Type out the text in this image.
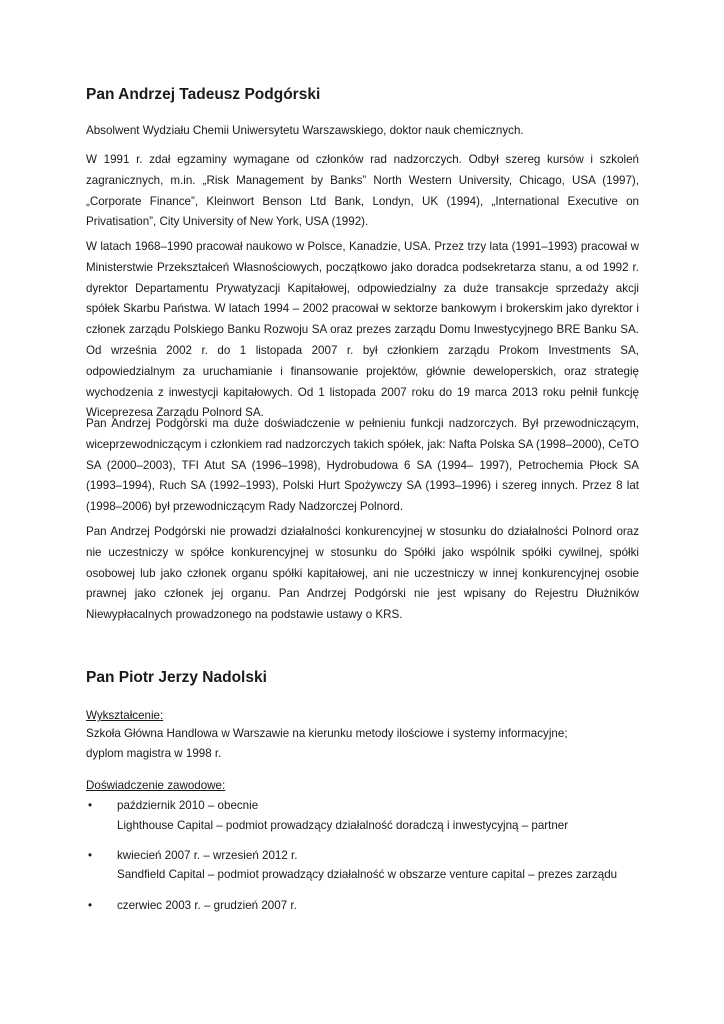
Pan Andrzej Tadeusz Podgórski

Absolwent Wydziału Chemii Uniwersytetu Warszawskiego, doktor nauk chemicznych.

W 1991 r. zdał egzaminy wymagane od członków rad nadzorczych. Odbył szereg kursów i szkoleń zagranicznych, m.in. „Risk Management by Banks” North Western University, Chicago, USA (1997), „Corporate Finance”, Kleinwort Benson Ltd Bank, Londyn, UK (1994), „International Executive on Privatisation”, City University of New York, USA (1992).

W latach 1968–1990 pracował naukowo w Polsce, Kanadzie, USA. Przez trzy lata (1991–1993) pracował w Ministerstwie Przekształceń Własnościowych, początkowo jako doradca podsekretarza stanu, a od 1992 r. dyrektor Departamentu Prywatyzacji Kapitałowej, odpowiedzialny za duże transakcje sprzedaży akcji spółek Skarbu Państwa. W latach 1994 – 2002 pracował w sektorze bankowym i brokerskim jako dyrektor i członek zarządu Polskiego Banku Rozwoju SA oraz prezes zarządu Domu Inwestycyjnego BRE Banku SA. Od września 2002 r. do 1 listopada 2007 r. był członkiem zarządu Prokom Investments SA, odpowiedzialnym za uruchamianie i finansowanie projektów, głównie deweloperskich, oraz strategię wychodzenia z inwestycji kapitałowych. Od 1 listopada 2007 roku do 19 marca 2013 roku pełnił funkcję Wiceprezesa Zarządu Polnord SA.

Pan Andrzej Podgórski ma duże doświadczenie w pełnieniu funkcji nadzorczych. Był przewodniczącym, wiceprzewodniczącym i członkiem rad nadzorczych takich spółek, jak: Nafta Polska SA (1998–2000), CeTO SA (2000–2003), TFI Atut SA (1996–1998), Hydrobudowa 6 SA (1994– 1997), Petrochemia Płock SA (1993–1994), Ruch SA (1992–1993), Polski Hurt Spożywczy SA (1993–1996) i szereg innych. Przez 8 lat (1998–2006) był przewodniczącym Rady Nadzorczej Polnord.

Pan Andrzej Podgórski nie prowadzi działalności konkurencyjnej w stosunku do działalności Polnord oraz nie uczestniczy w spółce konkurencyjnej w stosunku do Spółki jako wspólnik spółki cywilnej, spółki osobowej lub jako członek organu spółki kapitałowej, ani nie uczestniczy w innej konkurencyjnej osobie prawnej jako członek jej organu. Pan Andrzej Podgórski nie jest wpisany do Rejestru Dłużników Niewypłacalnych prowadzonego na podstawie ustawy o KRS.

Pan Piotr Jerzy Nadolski
Wykształcenie:
Szkoła Główna Handlowa w Warszawie na kierunku metody ilościowe i systemy informacyjne;
dyplom magistra w 1998 r.
Doświadczenie zawodowe:
• październik 2010 – obecnie
Lighthouse Capital – podmiot prowadzący działalność doradczą i inwestycyjną – partner
• kwiecień 2007 r. – wrzesień 2012 r.
Sandfield Capital – podmiot prowadzący działalność w obszarze venture capital – prezes zarządu
• czerwiec 2003 r. – grudzień 2007 r.
